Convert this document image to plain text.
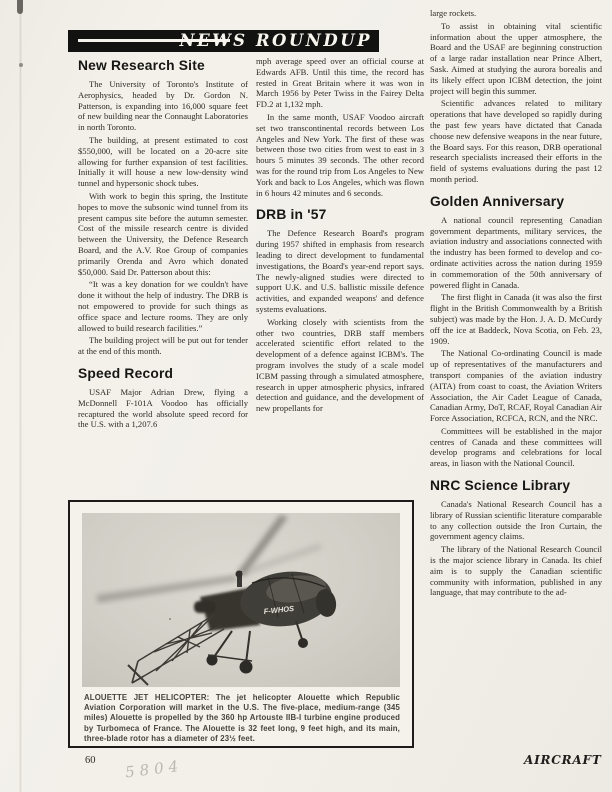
NEWS ROUNDUP
New Research Site

The University of Toronto's Institute of Aerophysics, headed by Dr. Gordon N. Patterson, is expanding into 16,000 square feet of new building near the Connaught Laboratories in north Toronto.

The building, at present estimated to cost $550,000, will be located on a 20-acre site allowing for further expansion of test facilities. Initially it will house a new low-density wind tunnel and hypersonic shock tubes.

With work to begin this spring, the Institute hopes to move the subsonic wind tunnel from its present campus site before the autumn semester. Cost of the missile research centre is divided between the University, the Defence Research Board, and the A.V. Roe Group of companies primarily Orenda and Avro which donated $50,000. Said Dr. Patterson about this:

“It was a key donation for we couldn't have done it without the help of industry. The DRB is not empowered to provide for such things as office space and lecture rooms. They are only allowed to build research facilities.”

The building project will be put out for tender at the end of this month.

Speed Record

USAF Major Adrian Drew, flying a McDonnell F-101A Voodoo has officially recaptured the world absolute speed record for the U.S. with a 1,207.6

mph average speed over an official course at Edwards AFB. Until this time, the record has rested in Great Britain where it was won in March 1956 by Peter Twiss in the Fairey Delta FD.2 at 1,132 mph.

In the same month, USAF Voodoo aircraft set two transcontinental records between Los Angeles and New York. The first of these was between those two cities from west to east in 3 hours 5 minutes 39 seconds. The other record was for the round trip from Los Angeles to New York and back to Los Angeles, which was flown in 6 hours 42 minutes and 6 seconds.

DRB in '57

The Defence Research Board's program during 1957 shifted in emphasis from research leading to direct development to fundamental investigations, the Board's year-end report says. The newly-aligned studies were directed to support U.K. and U.S. ballistic missile defence activities, and expanded weapons' and defence systems evaluations.

Working closely with scientists from the other two countries, DRB staff members accelerated scientific effort related to the development of a defence against ICBM's. The program involves the study of a scale model ICBM passing through a simulated atmosphere, research in upper atmospheric physics, infrared detection and guidance, and the development of new propellants for

large rockets.

To assist in obtaining vital scientific information about the upper atmosphere, the Board and the USAF are beginning construction of a large radar installation near Prince Albert, Sask. Aimed at studying the aurora borealis and its likely effect upon ICBM detection, the joint project will begin this summer.

Scientific advances related to military operations that have developed so rapidly during the past few years have dictated that Canada choose new defensive weapons in the near future, the Board says. For this reason, DRB operational research specialists increased their efforts in the field of systems evaluations during the past 12 month period.

Golden Anniversary

A national council representing Canadian government departments, military services, the aviation industry and associations connected with the industry has been formed to develop and co-ordinate activities across the nation during 1959 in commemoration of the 50th anniversary of powered flight in Canada.

The first flight in Canada (it was also the first flight in the British Commonwealth by a British subject) was made by the Hon. J. A. D. McCurdy off the ice at Baddeck, Nova Scotia, on Feb. 23, 1909.

The National Co-ordinating Council is made up of representatives of the manufacturers and transport companies of the aviation industry (AITA) from coast to coast, the Aviation Writers Association, the Air Cadet League of Canada, Canadian Army, DoT, RCAF, Royal Canadian Air Force Association, RCFCA, RCN, and the NRC.

Committees will be established in the major centres of Canada and these committees will develop programs and celebrations for local areas, in liason with the National Council.

NRC Science Library

Canada's National Research Council has a library of Russian scientific literature comparable to any collection outside the Iron Curtain, the government agency claims.

The library of the National Research Council is the major science library in Canada. Its chief aim is to supply the Canadian scientific community with information, published in any language, that may contribute to the ad-

F-WHOS
ALOUETTE JET HELICOPTER: The jet helicopter Alouette which Republic Aviation Corporation will market in the U.S. The five-place, medium-range (345 miles) Alouette is propelled by the 360 hp Artouste IIB-I turbine engine produced by Turbomeca of France. The Alouette is 32 feet long, 9 feet high, and its main, three-blade rotor has a diameter of 23½ feet.
60 5804	AIRCRAFT
